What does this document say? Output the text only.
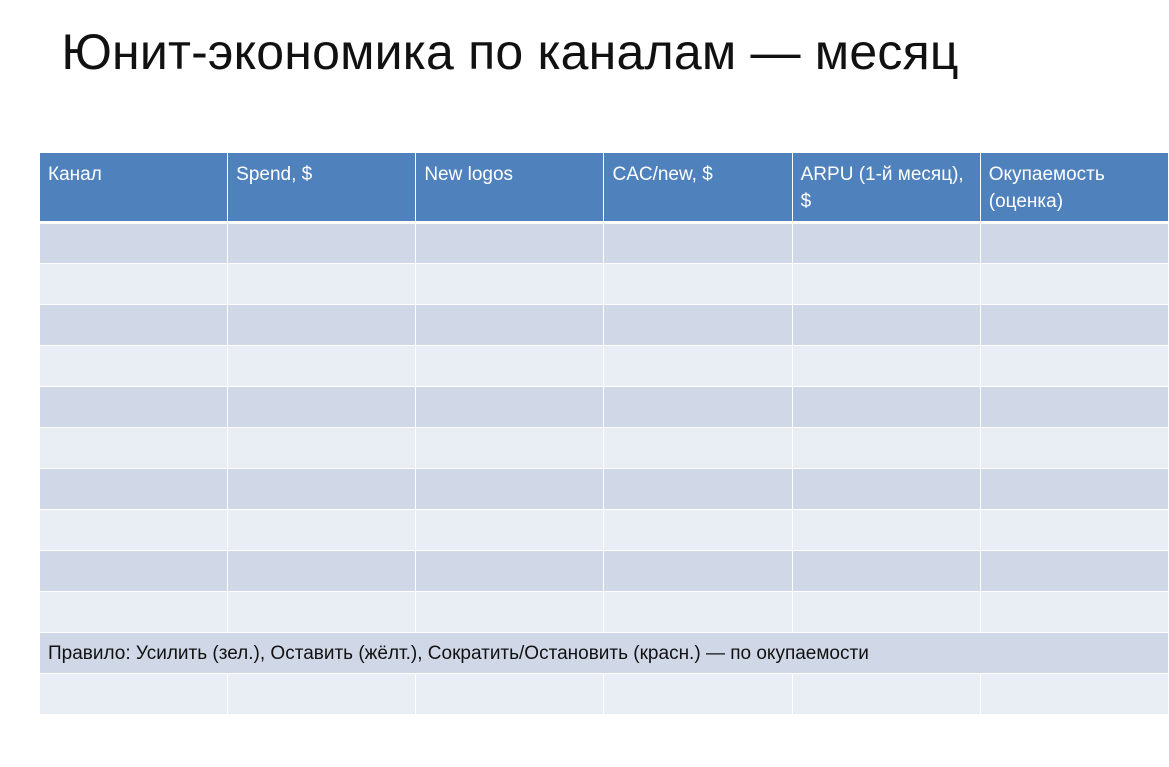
Юнит-экономика по каналам — месяц
Канал	Spend, $	New logos	CAC/new, $	ARPU (1-й месяц), $	Окупаемость (оценка)

Правило: Усилить (зел.), Оставить (жёлт.), Сократить/Остановить (красн.) — по окупаемости					
